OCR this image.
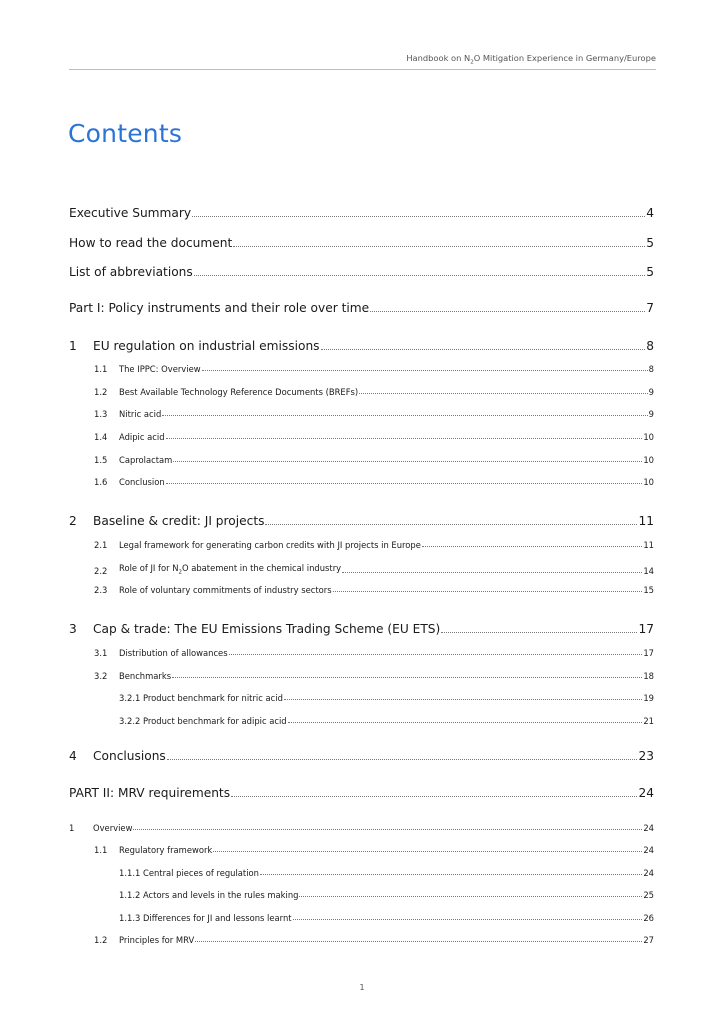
Handbook on $N_2O$ Mitigation Experience in Germany/Europe
Contents
Executive Summary	4
How to read the document	5
List of abbreviations	5
Part I: Policy instruments and their role over time	7
1	EU regulation on industrial emissions	8
1.1	The IPPC: Overview	8
1.2	Best Available Technology Reference Documents (BREFs)	9
1.3	Nitric acid	9
1.4	Adipic acid	10
1.5	Caprolactam	10
1.6	Conclusion	10
2	Baseline & credit: JI projects	11
2.1	Legal framework for generating carbon credits with JI projects in Europe	11
2.2	Role of JI for $N_2O$ abatement in the chemical industry	14
2.3	Role of voluntary commitments of industry sectors	15
3	Cap & trade: The EU Emissions Trading Scheme (EU ETS)	17
3.1	Distribution of allowances	17
3.2	Benchmarks	18
3.2.1 Product benchmark for nitric acid	19
3.2.2 Product benchmark for adipic acid	21
4	Conclusions	23
PART II: MRV requirements	24
1	Overview	24
1.1	Regulatory framework	24
1.1.1 Central pieces of regulation	24
1.1.2 Actors and levels in the rules making	25
1.1.3 Differences for JI and lessons learnt	26
1.2	Principles for MRV	27
1
